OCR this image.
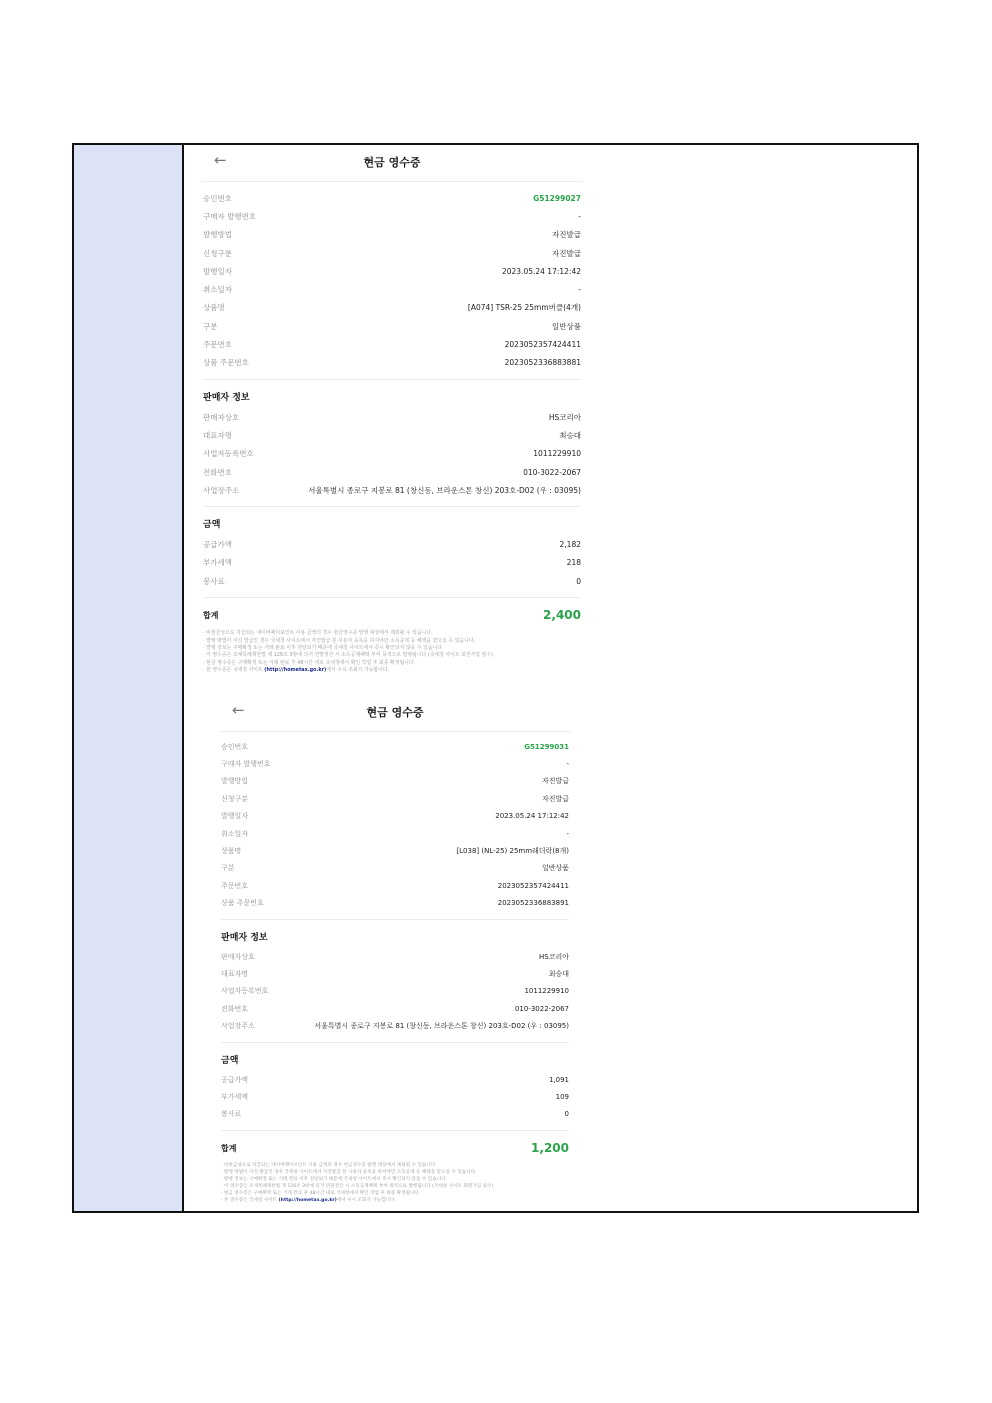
←	현금 영수증
승인번호	G51299027
구매자 발행번호	-
발행방법	자진발급
신청구분	자진발급
발행일자	2023.05.24 17:12:42
취소일자	-
상품명	[A074] TSR-25 25mm버클(4개)
구분	일반상품
주문번호	2023052357424411
상품 주문번호	2023052336883881
판매자 정보
판매자상호	HS코리아
대표자명	최승대
사업자등록번호	1011229910
전화번호	010-3022-2067
사업장주소	서울특별시 종로구 지봉로 81 (창신동, 브라운스톤 창신) 203호-D02 (우 : 03095)
금액
공급가액	2,182
부가세액	218
봉사료	0
합계	2,400
· 비현금성으로 지급되는 네이버페이포인트 사용 금액의 경우 현금영수증 발행 대상에서 제외될 수 있습니다.
· 발행 방법이 자진 발급인 경우 국세청 사이트에서 자진발급 분 사용자 등록을 하셔야만 소득공제 등 혜택을 받으실 수 있습니다.
· 발행 정보는 구매확정 또는 거래 완료 이후 전달되기 때문에 국세청 사이트에서 즉시 확인되지 않을 수 있습니다.
· 이 영수증은 조세특례제한법 제 126조 3항에 의거 연말정산 시 소득공제혜택 부여 목적으로 발행됩니다 (국세청 사이트 회원가입 필수)
· 현금 영수증은 구매확정 또는 거래 완료 후 48시간 내로 국세청에서 확인 작업 후 최종 확정됩니다.
· 본 영수증은 국세청 사이트 (http://hometax.go.kr)에서 수시 조회가 가능합니다.
←	현금 영수증
승인번호	G51299031
구매자 발행번호	-
발행방법	자진발급
신청구분	자진발급
발행일자	2023.05.24 17:12:42
취소일자	-
상품명	[L038] (NL-25) 25mm래더락(8개)
구분	일반상품
주문번호	2023052357424411
상품 주문번호	2023052336883891
판매자 정보
판매자상호	HS코리아
대표자명	최승대
사업자등록번호	1011229910
전화번호	010-3022-2067
사업장주소	서울특별시 종로구 지봉로 81 (창신동, 브라운스톤 창신) 203호-D02 (우 : 03095)
금액
공급가액	1,091
부가세액	109
봉사료	0
합계	1,200
· 비현금성으로 지급되는 네이버페이포인트 사용 금액의 경우 현금영수증 발행 대상에서 제외될 수 있습니다.
· 발행 방법이 자진 발급인 경우 국세청 사이트에서 자진발급 분 사용자 등록을 하셔야만 소득공제 등 혜택을 받으실 수 있습니다.
· 발행 정보는 구매확정 또는 거래 완료 이후 전달되기 때문에 국세청 사이트에서 즉시 확인되지 않을 수 있습니다.
· 이 영수증은 조세특례제한법 제 126조 3항에 의거 연말정산 시 소득공제혜택 부여 목적으로 발행됩니다 (국세청 사이트 회원가입 필수)
· 현금 영수증은 구매확정 또는 거래 완료 후 48시간 내로 국세청에서 확인 작업 후 최종 확정됩니다.
· 본 영수증은 국세청 사이트 (http://hometax.go.kr)에서 수시 조회가 가능합니다.
